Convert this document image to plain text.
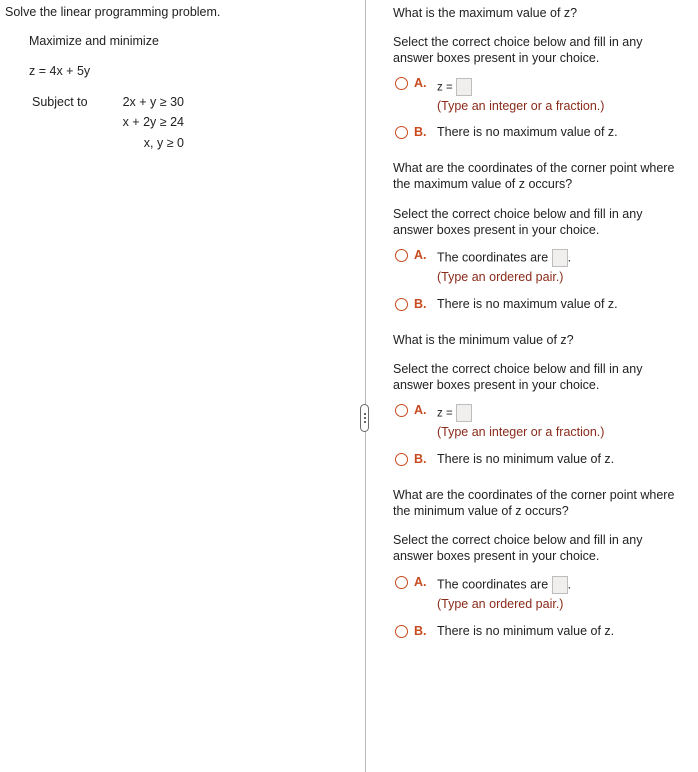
Solve the linear programming problem.
Maximize and minimize
z = 4x + 5y
Subject to	2x + y ≥ 30
x + 2y ≥ 24
x, y ≥ 0
What is the maximum value of z?
Select the correct choice below and fill in any answer boxes present in your choice.
A. z =
(Type an integer or a fraction.)
B. There is no maximum value of z.
What are the coordinates of the corner point where the maximum value of z occurs?
Select the correct choice below and fill in any answer boxes present in your choice.
A. The coordinates are .
(Type an ordered pair.)
B. There is no maximum value of z.
What is the minimum value of z?
Select the correct choice below and fill in any answer boxes present in your choice.
A. z =
(Type an integer or a fraction.)
B. There is no minimum value of z.
What are the coordinates of the corner point where the minimum value of z occurs?
Select the correct choice below and fill in any answer boxes present in your choice.
A. The coordinates are .
(Type an ordered pair.)
B. There is no minimum value of z.
